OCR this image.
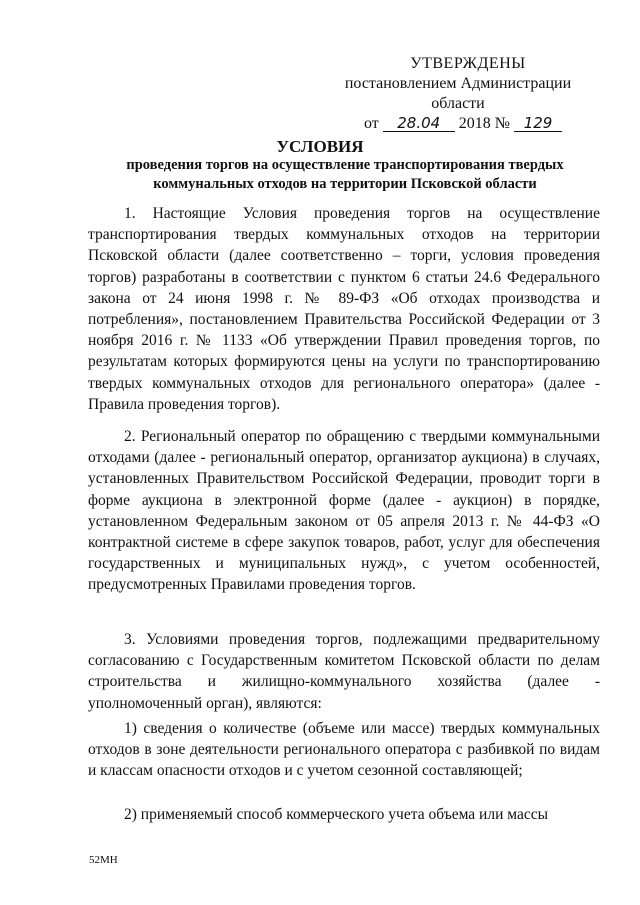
УТВЕРЖДЕНЫ
постановлением Администрации области
от 28.04 2018 № 129
УСЛОВИЯ
проведения торгов на осуществление транспортирования твердых коммунальных отходов на территории Псковской области
1. Настоящие Условия проведения торгов на осуществление транспортирования твердых коммунальных отходов на территории Псковской области (далее соответственно – торги, условия проведения торгов) разработаны в соответствии с пунктом 6 статьи 24.6 Федерального закона от 24 июня 1998 г. № 89-ФЗ «Об отходах производства и потребления», постановлением Правительства Российской Федерации от 3 ноября 2016 г. № 1133 «Об утверждении Правил проведения торгов, по результатам которых формируются цены на услуги по транспортированию твердых коммунальных отходов для регионального оператора» (далее - Правила проведения торгов).
2. Региональный оператор по обращению с твердыми коммунальными отходами (далее - региональный оператор, организатор аукциона) в случаях, установленных Правительством Российской Федерации, проводит торги в форме аукциона в электронной форме (далее - аукцион) в порядке, установленном Федеральным законом от 05 апреля 2013 г. № 44-ФЗ «О контрактной системе в сфере закупок товаров, работ, услуг для обеспечения государственных и муниципальных нужд», с учетом особенностей, предусмотренных Правилами проведения торгов.
3. Условиями проведения торгов, подлежащими предварительному согласованию с Государственным комитетом Псковской области по делам строительства и жилищно-коммунального хозяйства (далее - уполномоченный орган), являются:
1) сведения о количестве (объеме или массе) твердых коммунальных отходов в зоне деятельности регионального оператора с разбивкой по видам и классам опасности отходов и с учетом сезонной составляющей;
2) применяемый способ коммерческого учета объема или массы
52МН
